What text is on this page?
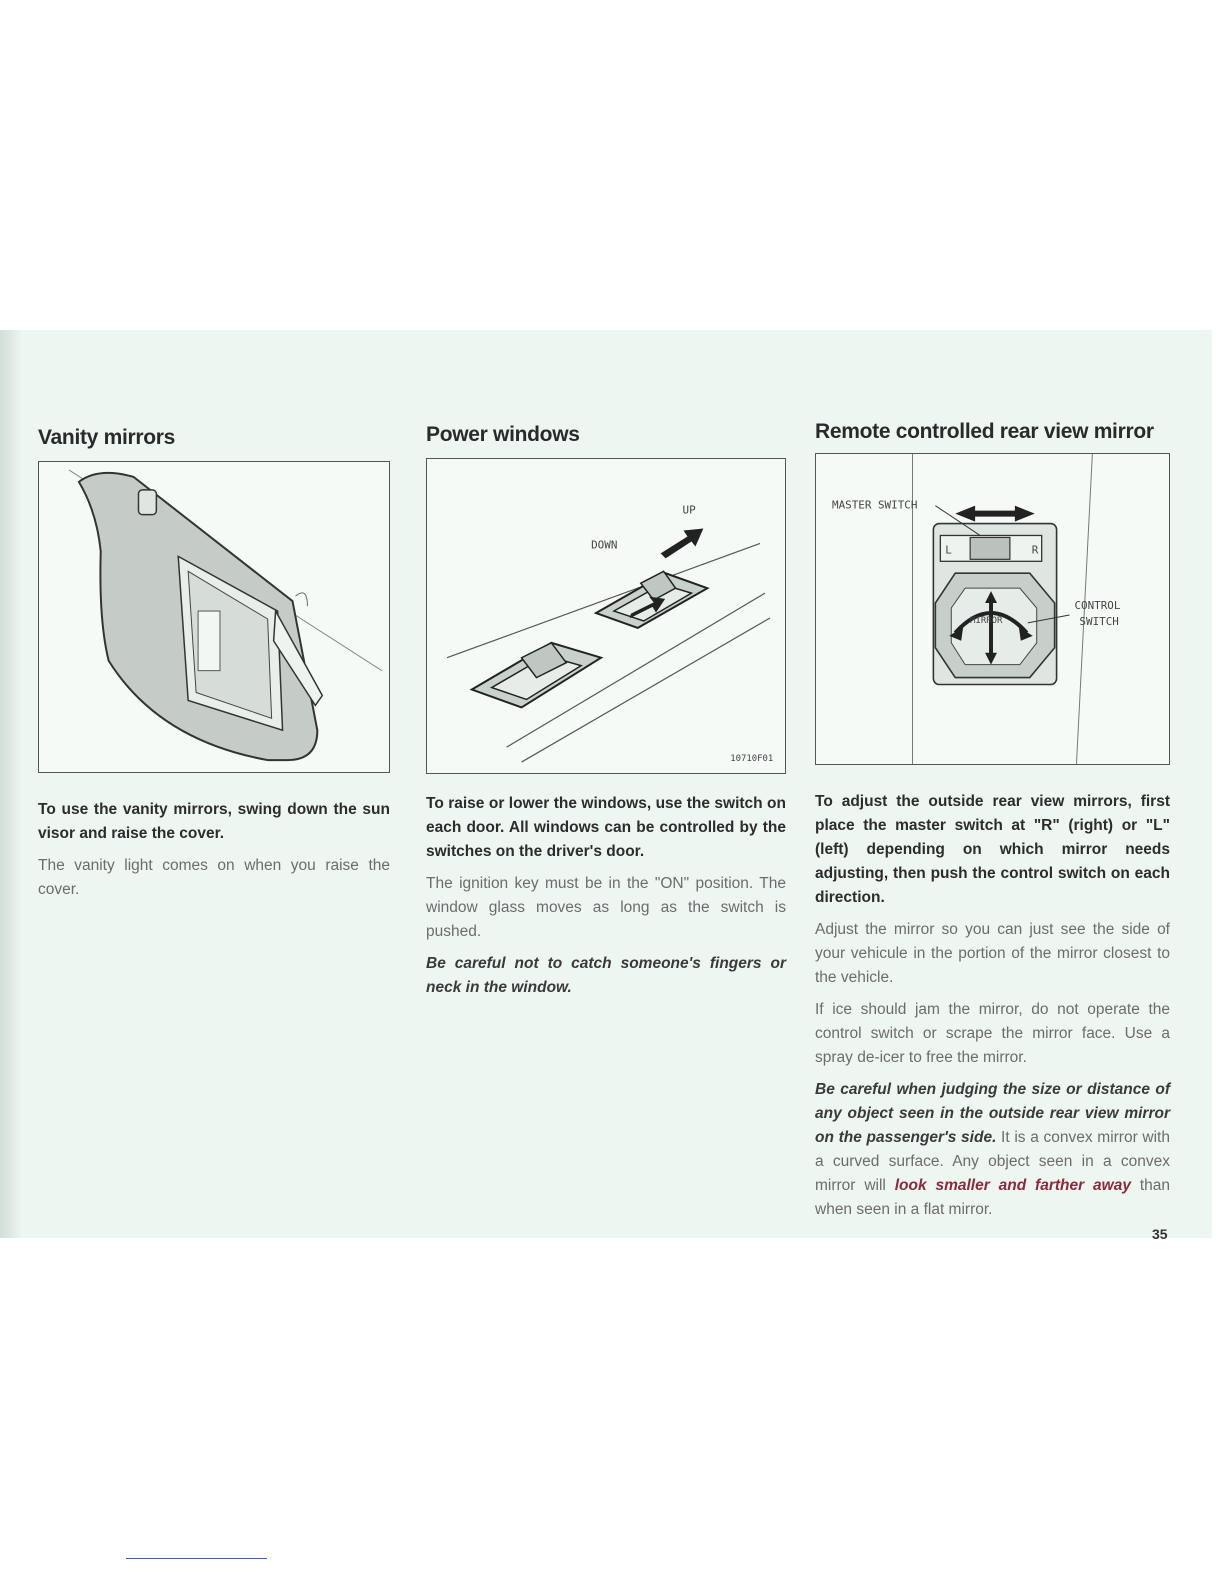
Vanity mirrors

To use the vanity mirrors, swing down the sun visor and raise the cover.

The vanity light comes on when you raise the cover.

Power windows
UP
DOWN
10710F01

To raise or lower the windows, use the switch on each door. All windows can be controlled by the switches on the driver's door.

The ignition key must be in the "ON" position. The window glass moves as long as the switch is pushed.

Be careful not to catch someone's fingers or neck in the window.

Remote controlled rear view mirror
MASTER SWITCH
L	R
MIRROR
CONTROL
SWITCH

To adjust the outside rear view mirrors, first place the master switch at "R" (right) or "L" (left) depending on which mirror needs adjusting, then push the control switch on each direction.

Adjust the mirror so you can just see the side of your vehicule in the portion of the mirror closest to the vehicle.

If ice should jam the mirror, do not operate the control switch or scrape the mirror face. Use a spray de-icer to free the mirror.

Be careful when judging the size or distance of any object seen in the outside rear view mirror on the passenger's side. It is a convex mirror with a curved surface. Any object seen in a convex mirror will look smaller and farther away than when seen in a flat mirror.

35
